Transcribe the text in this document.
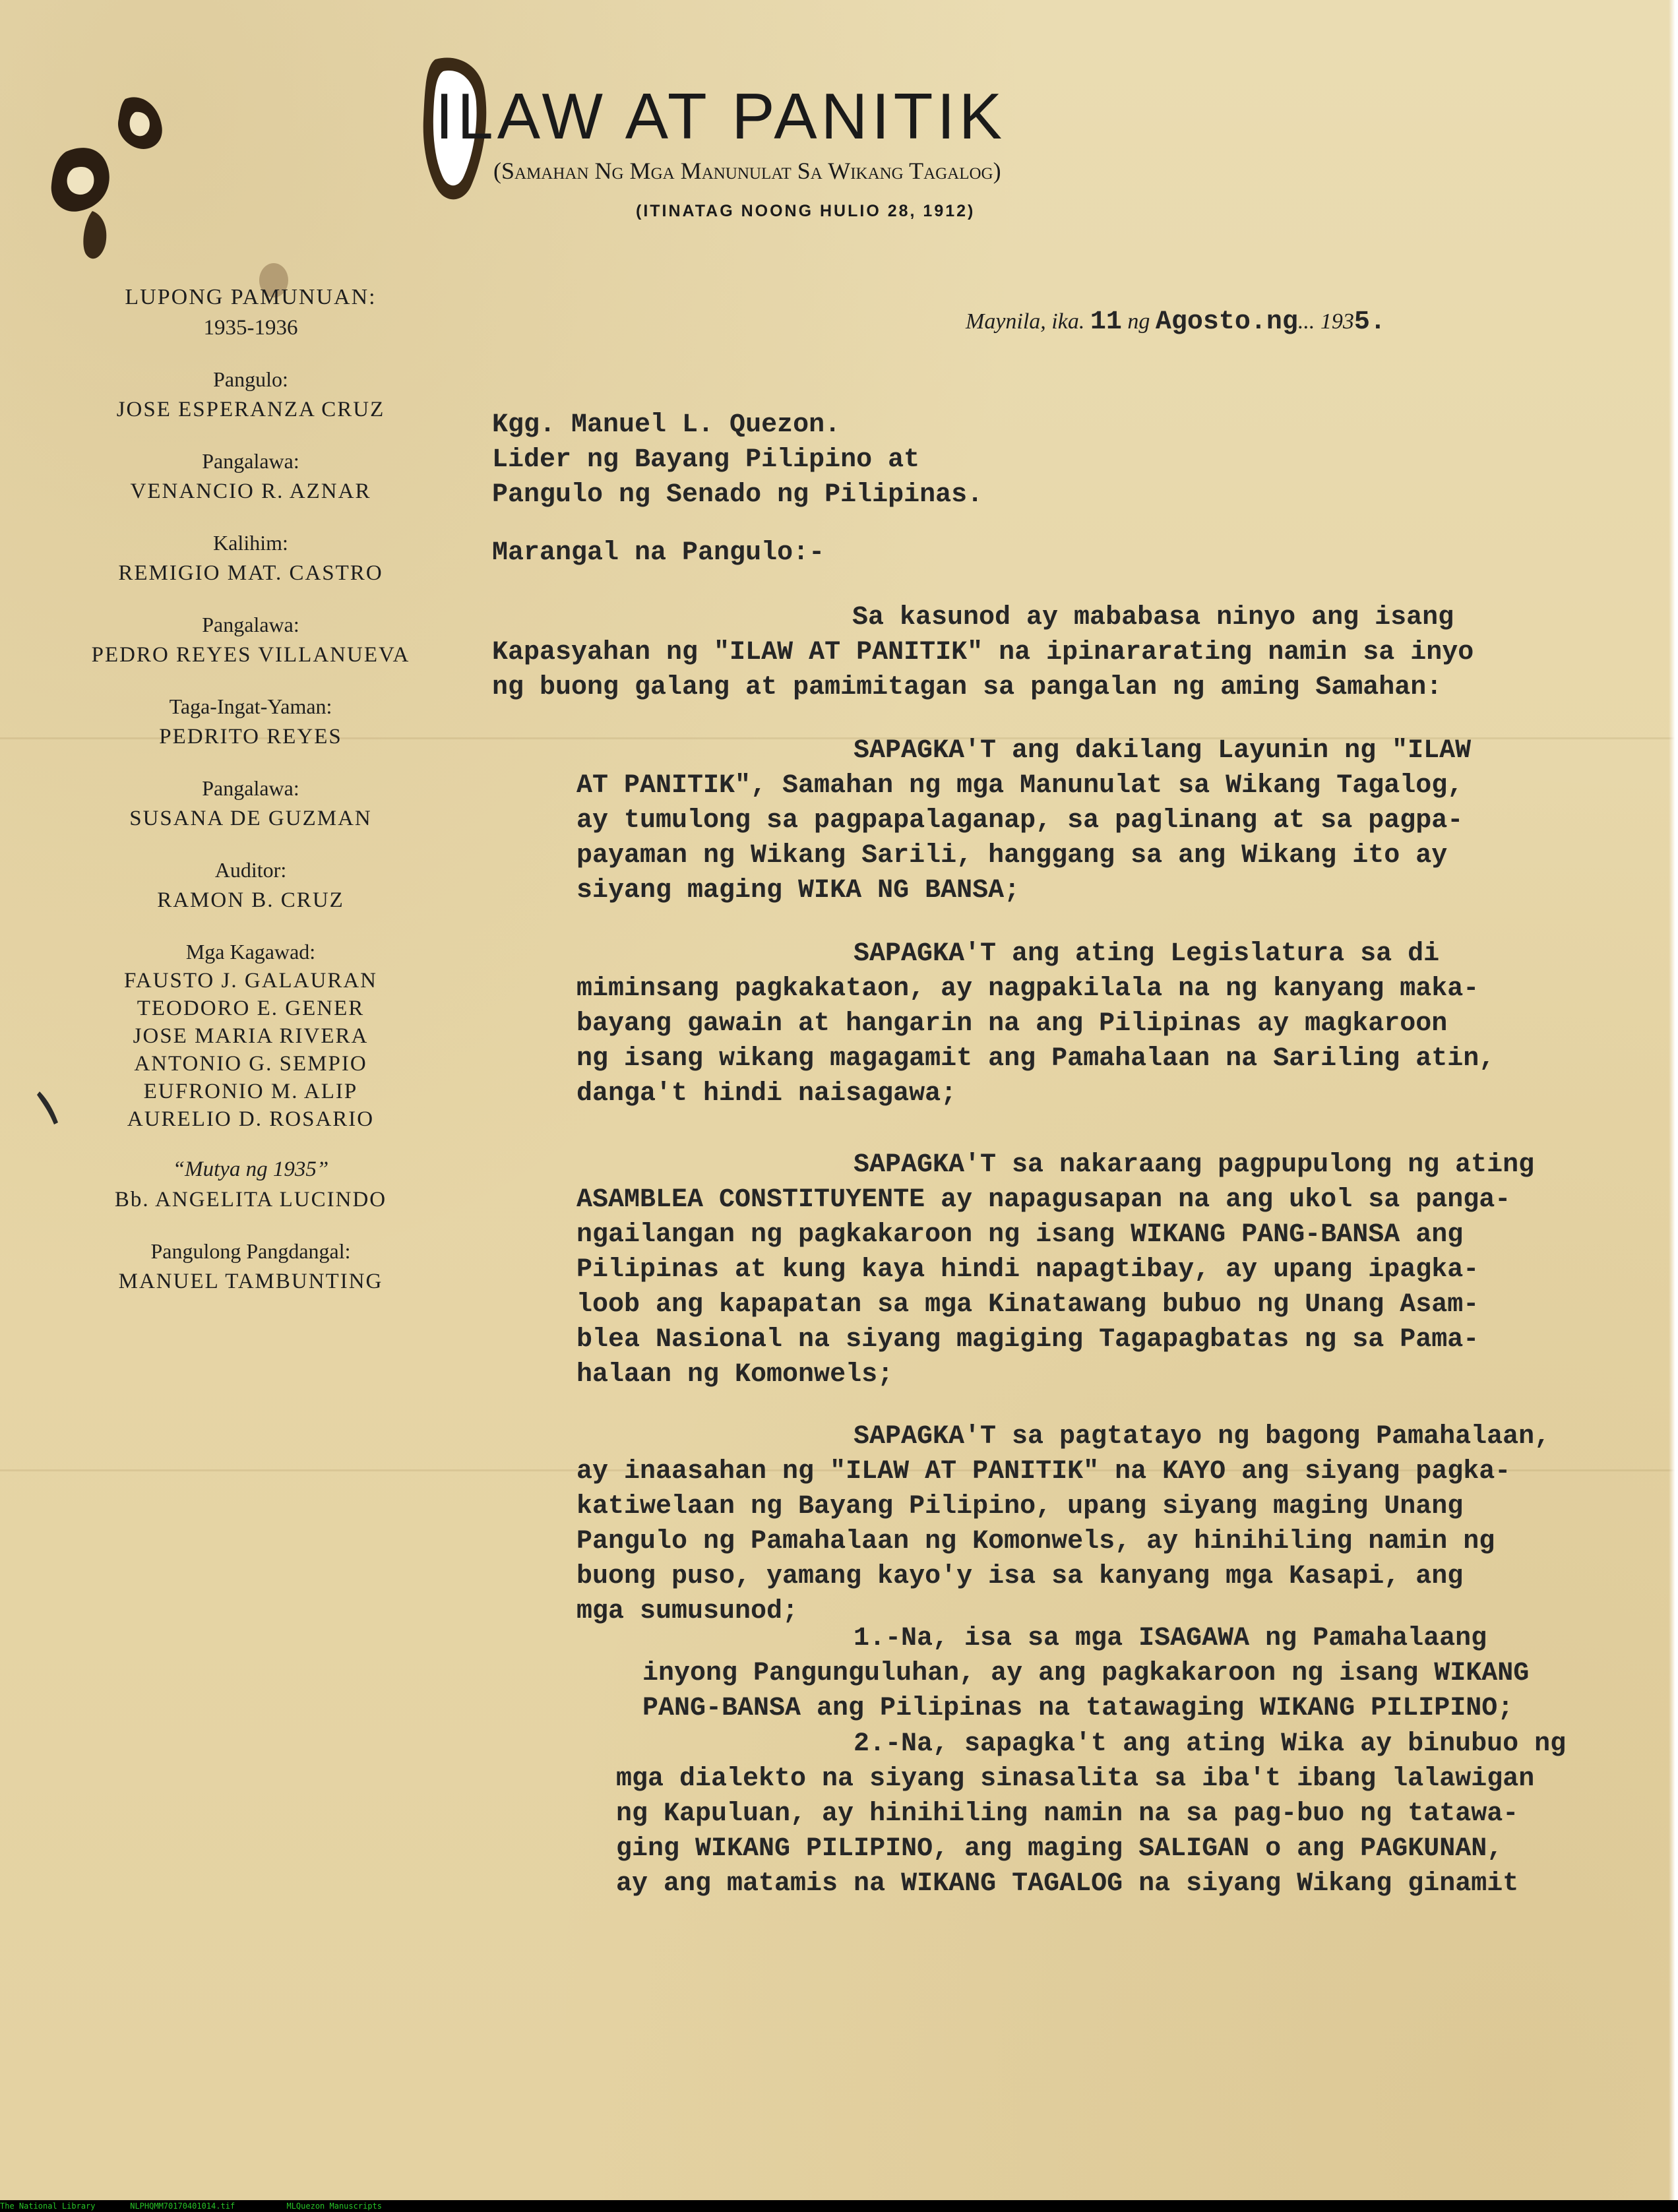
ILAW AT PANITIK
(Samahan Ng Mga Manunulat Sa Wikang Tagalog)
(ITINATAG NOONG HULIO 28, 1912)
LUPONG PAMUNUAN:
1935-1936
Pangulo:
JOSE ESPERANZA CRUZ
Pangalawa:
VENANCIO R. AZNAR
Kalihim:
REMIGIO MAT. CASTRO
Pangalawa:
PEDRO REYES VILLANUEVA
Taga-Ingat-Yaman:
PEDRITO REYES
Pangalawa:
SUSANA DE GUZMAN
Auditor:
RAMON B. CRUZ
Mga Kagawad:
FAUSTO J. GALAURAN
TEODORO E. GENER
JOSE MARIA RIVERA
ANTONIO G. SEMPIO
EUFRONIO M. ALIP
AURELIO D. ROSARIO
“Mutya ng 1935”
Bb. ANGELITA LUCINDO
Pangulong Pangdangal:
MANUEL TAMBUNTING
Maynila, ika. 11 ng Agosto.ng... 1935.
Kgg. Manuel L. Quezon.
Lider ng Bayang Pilipino at
Pangulo ng Senado ng Pilipinas.
Marangal na Pangulo:-
Sa kasunod ay mababasa ninyo ang isang
Kapasyahan ng "ILAW AT PANITIK" na ipinararating namin sa inyo
ng buong galang at pamimitagan sa pangalan ng aming Samahan:
SAPAGKA'T ang dakilang Layunin ng "ILAW
AT PANITIK", Samahan ng mga Manunulat sa Wikang Tagalog,
ay tumulong sa pagpapalaganap, sa paglinang at sa pagpa-
payaman ng Wikang Sarili, hanggang sa ang Wikang ito ay
siyang maging WIKA NG BANSA;
SAPAGKA'T ang ating Legislatura sa di
miminsang pagkakataon, ay nagpakilala na ng kanyang maka-
bayang gawain at hangarin na ang Pilipinas ay magkaroon
ng isang wikang magagamit ang Pamahalaan na Sariling atin,
danga't hindi naisagawa;
SAPAGKA'T sa nakaraang pagpupulong ng ating
ASAMBLEA CONSTITUYENTE ay napagusapan na ang ukol sa panga-
ngailangan ng pagkakaroon ng isang WIKANG PANG-BANSA ang
Pilipinas at kung kaya hindi napagtibay, ay upang ipagka-
loob ang kapapatan sa mga Kinatawang bubuo ng Unang Asam-
blea Nasional na siyang magiging Tagapagbatas ng sa Pama-
halaan ng Komonwels;
SAPAGKA'T sa pagtatayo ng bagong Pamahalaan,
ay inaasahan ng "ILAW AT PANITIK" na KAYO ang siyang pagka-
katiwelaan ng Bayang Pilipino, upang siyang maging Unang
Pangulo ng Pamahalaan ng Komonwels, ay hinihiling namin ng
buong puso, yamang kayo'y isa sa kanyang mga Kasapi, ang
mga sumusunod;
1.-Na, isa sa mga ISAGAWA ng Pamahalaang
inyong Pangunguluhan, ay ang pagkakaroon ng isang WIKANG
PANG-BANSA ang Pilipinas na tatawaging WIKANG PILIPINO;
2.-Na, sapagka't ang ating Wika ay binubuo ng
mga dialekto na siyang sinasalita sa iba't ibang lalawigan
ng Kapuluan, ay hinihiling namin na sa pag-buo ng tatawa-
ging WIKANG PILIPINO, ang maging SALIGAN o ang PAGKUNAN,
ay ang matamis na WIKANG TAGALOG na siyang Wikang ginamit
The National Library	NLPHQMM70170401014.tif	MLQuezon Manuscripts
